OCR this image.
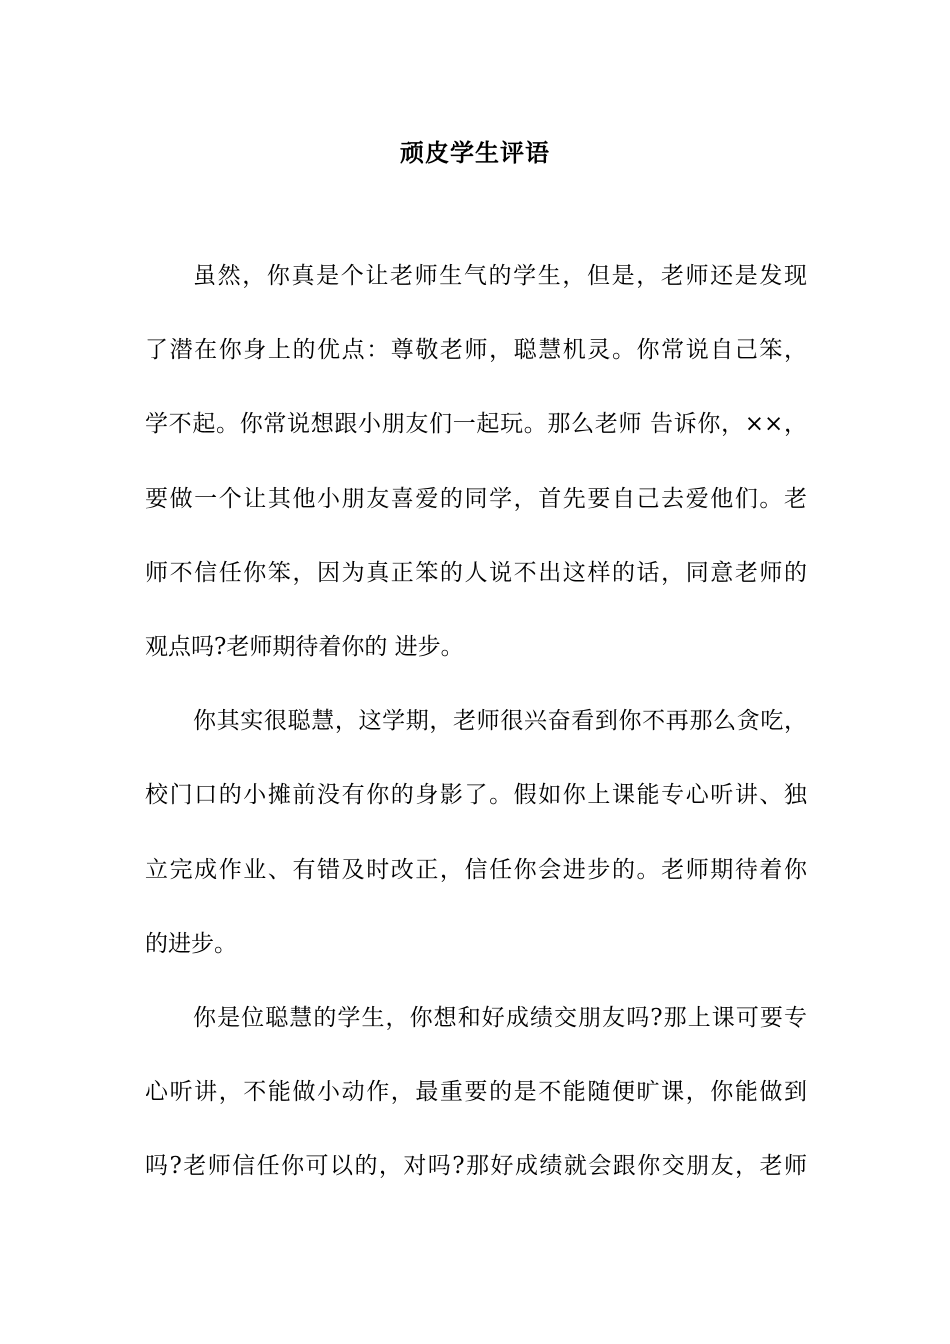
顽皮学生评语
虽然，你真是个让老师生气的学生，但是，老师还是发现
了潜在你身上的优点：尊敬老师，聪慧机灵。你常说自己笨，
学不起。你常说想跟小朋友们一起玩。那么老师 告诉你，××，
要做一个让其他小朋友喜爱的同学，首先要自己去爱他们。老
师不信任你笨，因为真正笨的人说不出这样的话，同意老师的
观点吗?老师期待着你的 进步。
你其实很聪慧，这学期，老师很兴奋看到你不再那么贪吃，
校门口的小摊前没有你的身影了。假如你上课能专心听讲、独
立完成作业、有错及时改正，信任你会进步的。老师期待着你
的进步。
你是位聪慧的学生，你想和好成绩交朋友吗?那上课可要专
心听讲，不能做小动作，最重要的是不能随便旷课，你能做到
吗?老师信任你可以的，对吗?那好成绩就会跟你交朋友，老师
